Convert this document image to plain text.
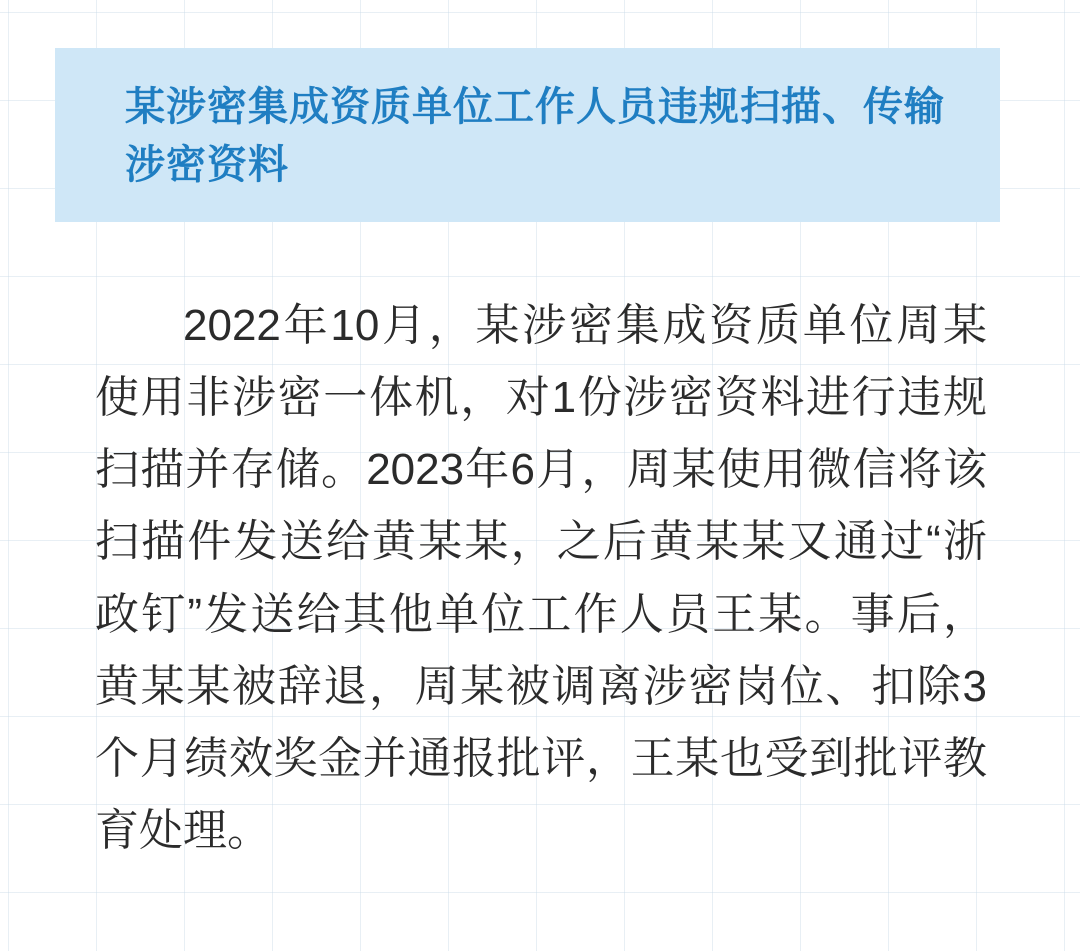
某涉密集成资质单位工作人员违规扫描、传输涉密资料

2022年10月，某涉密集成资质单位周某使用非涉密一体机，对1份涉密资料进行违规扫描并存储。2023年6月，周某使用微信将该扫描件发送给黄某某，之后黄某某又通过“浙政钉”发送给其他单位工作人员王某。事后，黄某某被辞退，周某被调离涉密岗位、扣除3个月绩效奖金并通报批评，王某也受到批评教育处理。
